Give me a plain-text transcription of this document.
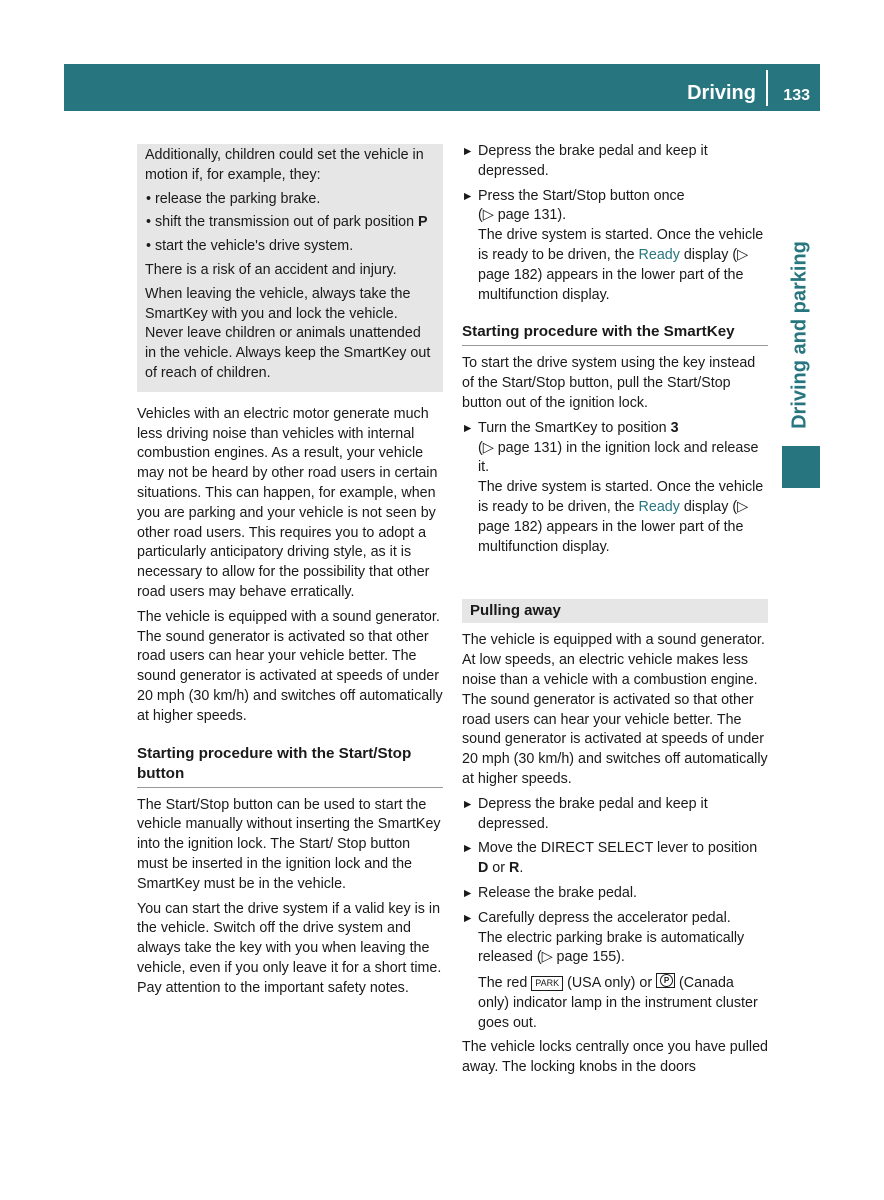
Driving 133
Driving and parking

Additionally, children could set the vehicle in motion if, for example, they:

• release the parking brake.

• shift the transmission out of park position P

• start the vehicle's drive system.

There is a risk of an accident and injury.

When leaving the vehicle, always take the SmartKey with you and lock the vehicle. Never leave children or animals unattended in the vehicle. Always keep the SmartKey out of reach of children.

Vehicles with an electric motor generate much less driving noise than vehicles with internal combustion engines. As a result, your vehicle may not be heard by other road users in certain situations. This can happen, for example, when you are parking and your vehicle is not seen by other road users. This requires you to adopt a particularly anticipatory driving style, as it is necessary to allow for the possibility that other road users may behave erratically.

The vehicle is equipped with a sound generator. The sound generator is activated so that other road users can hear your vehicle better. The sound generator is activated at speeds of under 20 mph (30 km/h) and switches off automatically at higher speeds.

Starting procedure with the Start/Stop button

The Start/Stop button can be used to start the vehicle manually without inserting the SmartKey into the ignition lock. The Start/ Stop button must be inserted in the ignition lock and the SmartKey must be in the vehicle.

You can start the drive system if a valid key is in the vehicle. Switch off the drive system and always take the key with you when leaving the vehicle, even if you only leave it for a short time. Pay attention to the important safety notes.

▶ Depress the brake pedal and keep it depressed.

▶ Press the Start/Stop button once

(▷ page 131).

The drive system is started. Once the vehicle is ready to be driven, the Ready display (▷ page 182) appears in the lower part of the multifunction display.

Starting procedure with the SmartKey

To start the drive system using the key instead of the Start/Stop button, pull the Start/Stop button out of the ignition lock.

▶ Turn the SmartKey to position 3

(▷ page 131) in the ignition lock and release it.

The drive system is started. Once the vehicle is ready to be driven, the Ready display (▷ page 182) appears in the lower part of the multifunction display.

Pulling away

The vehicle is equipped with a sound generator. At low speeds, an electric vehicle makes less noise than a vehicle with a combustion engine. The sound generator is activated so that other road users can hear your vehicle better. The sound generator is activated at speeds of under 20 mph (30 km/h) and switches off automatically at higher speeds.

▶ Depress the brake pedal and keep it depressed.

▶ Move the DIRECT SELECT lever to position D or R.

▶ Release the brake pedal.

▶ Carefully depress the accelerator pedal.

The electric parking brake is automatically released (▷ page 155).

The red PARK (USA only) or P (Canada only) indicator lamp in the instrument cluster goes out.

The vehicle locks centrally once you have pulled away. The locking knobs in the doors
